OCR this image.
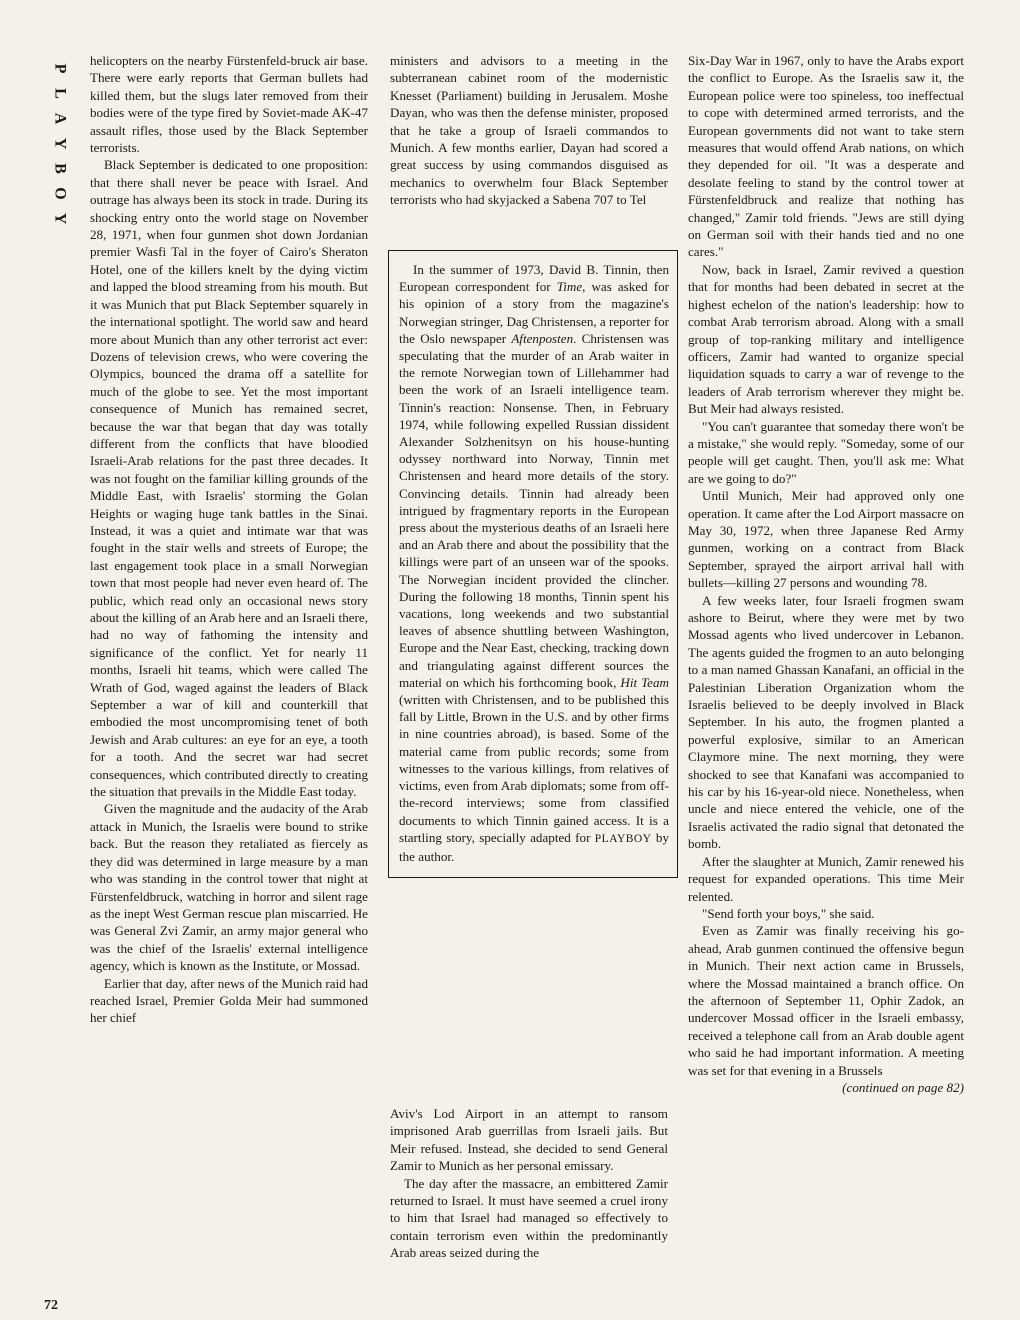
P
L
A
Y
B
O
Y
72

helicopters on the nearby Fürstenfeld-bruck air base. There were early reports that German bullets had killed them, but the slugs later removed from their bodies were of the type fired by Soviet-made AK-47 assault rifles, those used by the Black September terrorists.

Black September is dedicated to one proposition: that there shall never be peace with Israel. And outrage has always been its stock in trade. During its shocking entry onto the world stage on November 28, 1971, when four gunmen shot down Jordanian premier Wasfi Tal in the foyer of Cairo's Sheraton Hotel, one of the killers knelt by the dying victim and lapped the blood streaming from his mouth. But it was Munich that put Black September squarely in the international spotlight. The world saw and heard more about Munich than any other terrorist act ever: Dozens of television crews, who were covering the Olympics, bounced the drama off a satellite for much of the globe to see. Yet the most important consequence of Munich has remained secret, because the war that began that day was totally different from the conflicts that have bloodied Israeli-Arab relations for the past three decades. It was not fought on the familiar killing grounds of the Middle East, with Israelis' storming the Golan Heights or waging huge tank battles in the Sinai. Instead, it was a quiet and intimate war that was fought in the stair wells and streets of Europe; the last engagement took place in a small Norwegian town that most people had never even heard of. The public, which read only an occasional news story about the killing of an Arab here and an Israeli there, had no way of fathoming the intensity and significance of the conflict. Yet for nearly 11 months, Israeli hit teams, which were called The Wrath of God, waged against the leaders of Black September a war of kill and counterkill that embodied the most uncompromising tenet of both Jewish and Arab cultures: an eye for an eye, a tooth for a tooth. And the secret war had secret consequences, which contributed directly to creating the situation that prevails in the Middle East today.

Given the magnitude and the audacity of the Arab attack in Munich, the Israelis were bound to strike back. But the reason they retaliated as fiercely as they did was determined in large measure by a man who was standing in the control tower that night at Fürstenfeldbruck, watching in horror and silent rage as the inept West German rescue plan miscarried. He was General Zvi Zamir, an army major general who was the chief of the Israelis' external intelligence agency, which is known as the Institute, or Mossad.

Earlier that day, after news of the Munich raid had reached Israel, Premier Golda Meir had summoned her chief

ministers and advisors to a meeting in the subterranean cabinet room of the modernistic Knesset (Parliament) building in Jerusalem. Moshe Dayan, who was then the defense minister, proposed that he take a group of Israeli commandos to Munich. A few months earlier, Dayan had scored a great success by using commandos disguised as mechanics to overwhelm four Black September terrorists who had skyjacked a Sabena 707 to Tel

In the summer of 1973, David B. Tinnin, then European correspondent for Time, was asked for his opinion of a story from the magazine's Norwegian stringer, Dag Christensen, a reporter for the Oslo newspaper Aftenposten. Christensen was speculating that the murder of an Arab waiter in the remote Norwegian town of Lillehammer had been the work of an Israeli intelligence team. Tinnin's reaction: Nonsense. Then, in February 1974, while following expelled Russian dissident Alexander Solzhenitsyn on his house-hunting odyssey northward into Norway, Tinnin met Christensen and heard more details of the story. Convincing details. Tinnin had already been intrigued by fragmentary reports in the European press about the mysterious deaths of an Israeli here and an Arab there and about the possibility that the killings were part of an unseen war of the spooks. The Norwegian incident provided the clincher. During the following 18 months, Tinnin spent his vacations, long weekends and two substantial leaves of absence shuttling between Washington, Europe and the Near East, checking, tracking down and triangulating against different sources the material on which his forthcoming book, Hit Team (written with Christensen, and to be published this fall by Little, Brown in the U.S. and by other firms in nine countries abroad), is based. Some of the material came from public records; some from witnesses to the various killings, from relatives of victims, even from Arab diplomats; some from off-the-record interviews; some from classified documents to which Tinnin gained access. It is a startling story, specially adapted for PLAYBOY by the author.

Aviv's Lod Airport in an attempt to ransom imprisoned Arab guerrillas from Israeli jails. But Meir refused. Instead, she decided to send General Zamir to Munich as her personal emissary.

The day after the massacre, an embittered Zamir returned to Israel. It must have seemed a cruel irony to him that Israel had managed so effectively to contain terrorism even within the predominantly Arab areas seized during the

Six-Day War in 1967, only to have the Arabs export the conflict to Europe. As the Israelis saw it, the European police were too spineless, too ineffectual to cope with determined armed terrorists, and the European governments did not want to take stern measures that would offend Arab nations, on which they depended for oil. "It was a desperate and desolate feeling to stand by the control tower at Fürstenfeldbruck and realize that nothing has changed," Zamir told friends. "Jews are still dying on German soil with their hands tied and no one cares."

Now, back in Israel, Zamir revived a question that for months had been debated in secret at the highest echelon of the nation's leadership: how to combat Arab terrorism abroad. Along with a small group of top-ranking military and intelligence officers, Zamir had wanted to organize special liquidation squads to carry a war of revenge to the leaders of Arab terrorism wherever they might be. But Meir had always resisted.

"You can't guarantee that someday there won't be a mistake," she would reply. "Someday, some of our people will get caught. Then, you'll ask me: What are we going to do?"

Until Munich, Meir had approved only one operation. It came after the Lod Airport massacre on May 30, 1972, when three Japanese Red Army gunmen, working on a contract from Black September, sprayed the airport arrival hall with bullets—killing 27 persons and wounding 78.

A few weeks later, four Israeli frogmen swam ashore to Beirut, where they were met by two Mossad agents who lived undercover in Lebanon. The agents guided the frogmen to an auto belonging to a man named Ghassan Kanafani, an official in the Palestinian Liberation Organization whom the Israelis believed to be deeply involved in Black September. In his auto, the frogmen planted a powerful explosive, similar to an American Claymore mine. The next morning, they were shocked to see that Kanafani was accompanied to his car by his 16-year-old niece. Nonetheless, when uncle and niece entered the vehicle, one of the Israelis activated the radio signal that detonated the bomb.

After the slaughter at Munich, Zamir renewed his request for expanded operations. This time Meir relented.

"Send forth your boys," she said.

Even as Zamir was finally receiving his go-ahead, Arab gunmen continued the offensive begun in Munich. Their next action came in Brussels, where the Mossad maintained a branch office. On the afternoon of September 11, Ophir Zadok, an undercover Mossad officer in the Israeli embassy, received a telephone call from an Arab double agent who said he had important information. A meeting was set for that evening in a Brussels

(continued on page 82)
